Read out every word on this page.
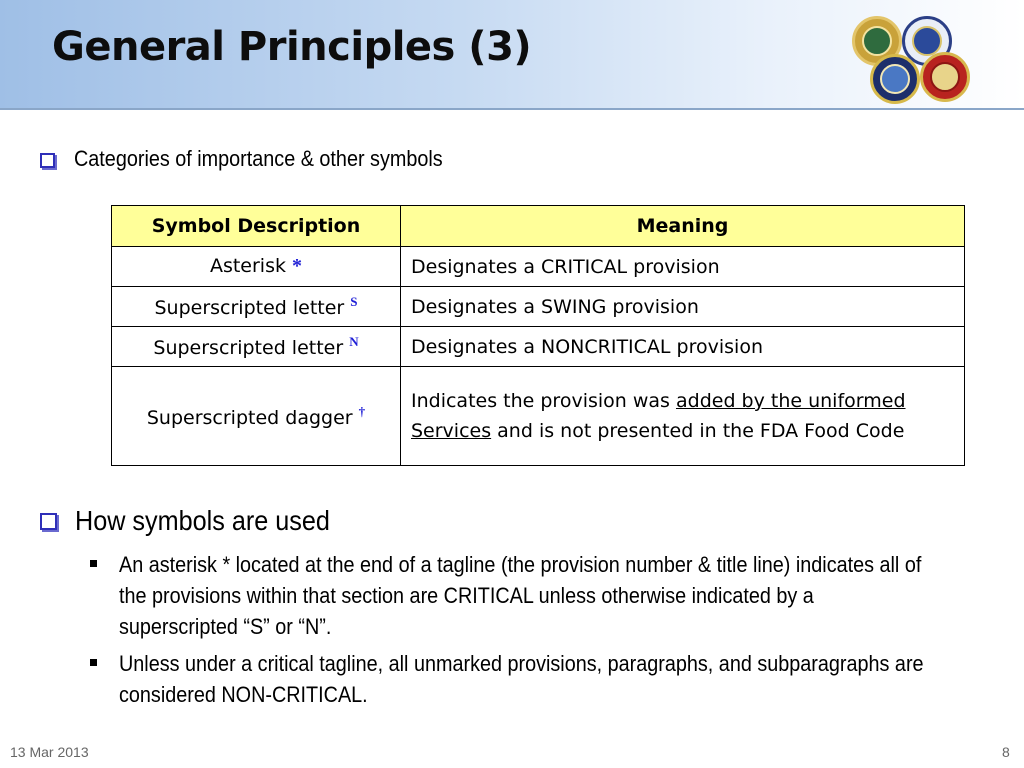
General Principles (3)
Categories of importance & other symbols
Symbol Description	Meaning
Asterisk *	Designates a CRITICAL provision
Superscripted letter $^S$	Designates a SWING provision
Superscripted letter $^N$	Designates a NONCRITICAL provision
Superscripted dagger †	Indicates the provision was added by the uniformed Services and is not presented in the FDA Food Code
How symbols are used
An asterisk * located at the end of a tagline (the provision number & title line) indicates all of the provisions within that section are CRITICAL unless otherwise indicated by a superscripted “S” or “N”.
Unless under a critical tagline, all unmarked provisions, paragraphs, and subparagraphs are considered NON-CRITICAL.
13 Mar 2013	8
